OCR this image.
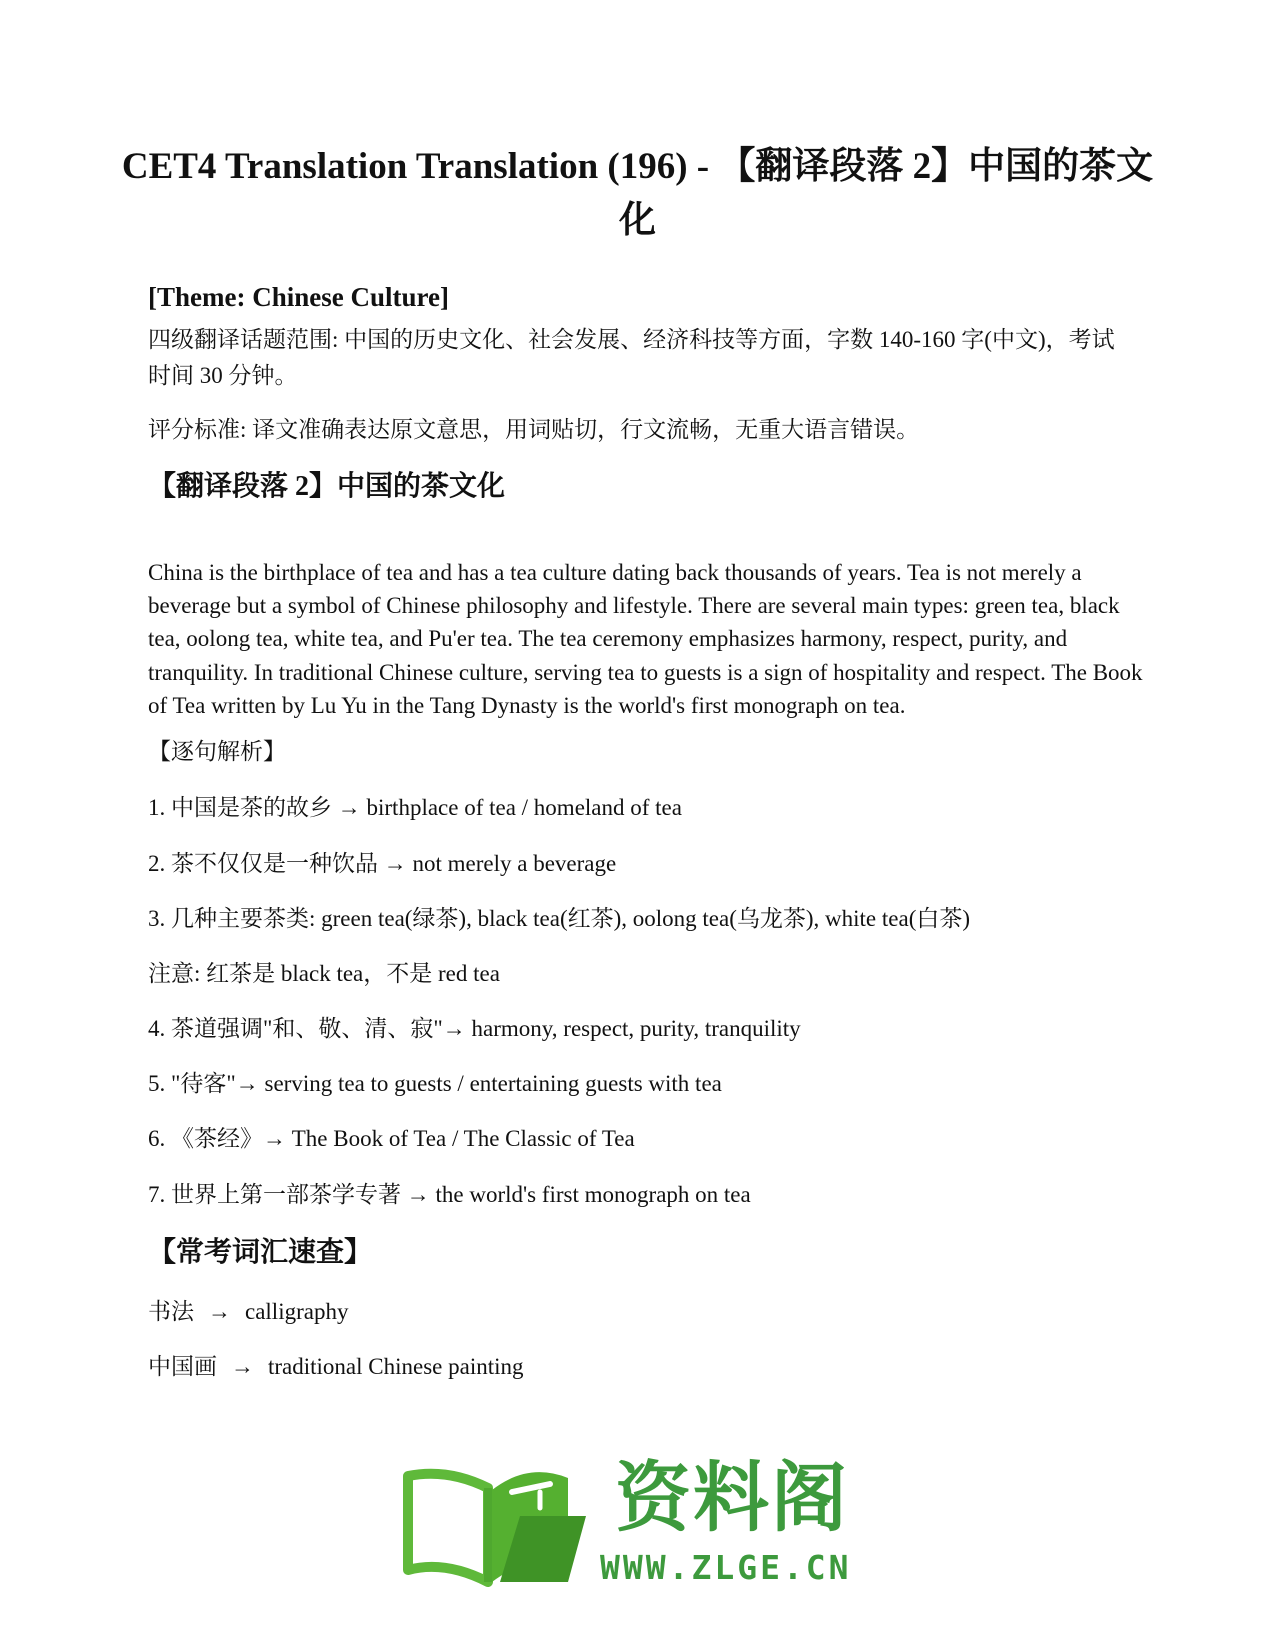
CET4 Translation Translation (196) - 【翻译段落 2】中国的茶文化

[Theme: Chinese Culture]

四级翻译话题范围: 中国的历史文化、社会发展、经济科技等方面，字数 140-160 字(中文)，考试时间 30 分钟。

评分标准: 译文准确表达原文意思，用词贴切，行文流畅，无重大语言错误。

【翻译段落 2】中国的茶文化

China is the birthplace of tea and has a tea culture dating back thousands of years. Tea is not merely a beverage but a symbol of Chinese philosophy and lifestyle. There are several main types: green tea, black tea, oolong tea, white tea, and Pu'er tea. The tea ceremony emphasizes harmony, respect, purity, and tranquility. In traditional Chinese culture, serving tea to guests is a sign of hospitality and respect. The Book of Tea written by Lu Yu in the Tang Dynasty is the world's first monograph on tea.

【逐句解析】

1. 中国是茶的故乡 → birthplace of tea / homeland of tea

2. 茶不仅仅是一种饮品 → not merely a beverage

3. 几种主要茶类: green tea(绿茶), black tea(红茶), oolong tea(乌龙茶), white tea(白茶)

注意: 红茶是 black tea，不是 red tea

4. 茶道强调"和、敬、清、寂"→ harmony, respect, purity, tranquility

5. "待客"→ serving tea to guests / entertaining guests with tea

6. 《茶经》→ The Book of Tea / The Classic of Tea

7. 世界上第一部茶学专著 → the world's first monograph on tea

【常考词汇速查】

书法 → calligraphy

中国画 → traditional Chinese painting

资料阁

WWW.ZLGE.CN
